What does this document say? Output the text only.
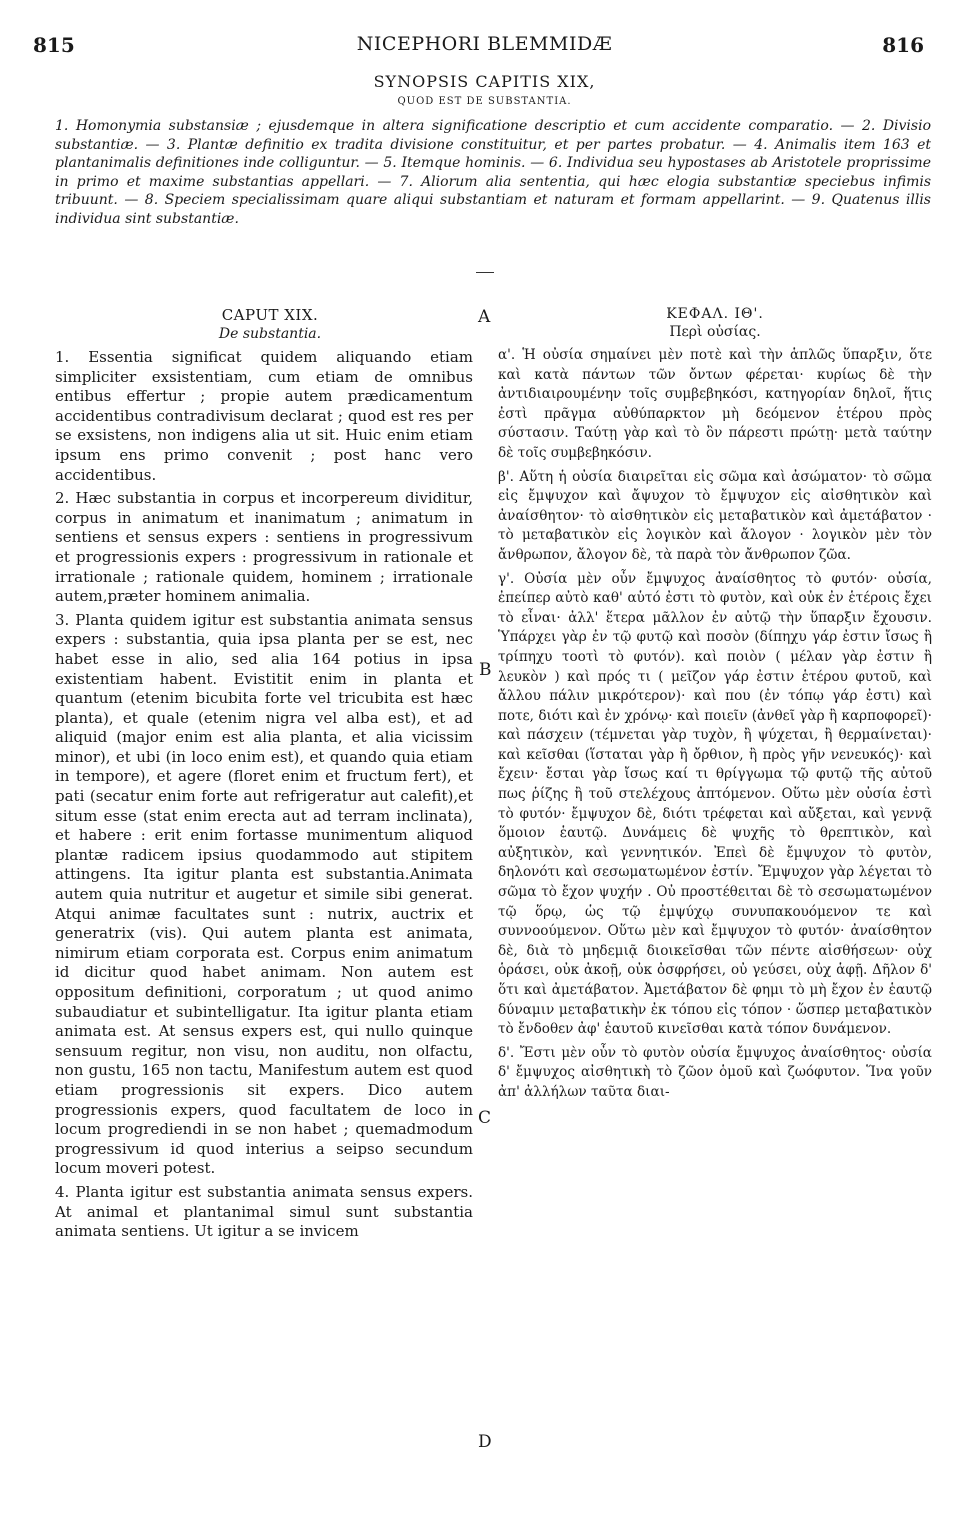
815	NICEPHORI BLEMMIDÆ	816
SYNOPSIS CAPITIS XIX,
QUOD EST DE SUBSTANTIA.
1. Homonymia substansiæ ; ejusdemque in altera significatione descriptio et cum accidente comparatio. — 2. Divisio substantiæ. — 3. Plantæ definitio ex tradita divisione constituitur, et per partes probatur. — 4. Animalis item 163 et plantanimalis definitiones inde colliguntur. — 5. Itemque hominis. — 6. Individua seu hypostases ab Aristotele proprissime in primo et maxime substantias appellari. — 7. Aliorum alia sententia, qui hæc elogia substantiæ speciebus infimis tribuunt. — 8. Speciem specialissimam quare aliqui substantiam et naturam et formam appellarint. — 9. Quatenus illis individua sint substantiæ.
A
B
C
D
CAPUT XIX.
De substantia.

1. Essentia significat quidem aliquando etiam simpliciter exsistentiam, cum etiam de omnibus entibus effertur ; propie autem prædicamentum accidentibus contradivisum declarat ; quod est res per se exsistens, non indigens alia ut sit. Huic enim etiam ipsum ens primo convenit ; post hanc vero accidentibus.

2. Hæc substantia in corpus et incorpereum dividitur, corpus in animatum et inanimatum ; animatum in sentiens et sensus expers : sentiens in progressivum et progressionis expers : progressivum in rationale et irrationale ; rationale quidem, hominem ; irrationale autem,præter hominem animalia.

3. Planta quidem igitur est substantia animata sensus expers : substantia, quia ipsa planta per se est, nec habet esse in alio, sed alia 164 potius in ipsa existentiam habent. Evistitit enim in planta et quantum (etenim bicubita forte vel tricubita est hæc planta), et quale (etenim nigra vel alba est), et ad aliquid (major enim est alia planta, et alia vicissim minor), et ubi (in loco enim est), et quando quia etiam in tempore), et agere (floret enim et fructum fert), et pati (secatur enim forte aut refrigeratur aut calefit),et situm esse (stat enim erecta aut ad terram inclinata), et habere : erit enim fortasse munimentum aliquod plantæ radicem ipsius quodammodo aut stipitem attingens. Ita igitur planta est substantia.Animata autem quia nutritur et augetur et simile sibi generat. Atqui animæ facultates sunt : nutrix, auctrix et generatrix (vis). Qui autem planta est animata, nimirum etiam corporata est. Corpus enim animatum id dicitur quod habet animam. Non autem est oppositum definitioni, corporatum ; ut quod animo subaudiatur et subintelligatur. Ita igitur planta etiam animata est. At sensus expers est, qui nullo quinque sensuum regitur, non visu, non auditu, non olfactu, non gustu, 165 non tactu, Manifestum autem est quod etiam progressionis sit expers. Dico autem progressionis expers, quod facultatem de loco in locum progrediendi in se non habet ; quemadmodum progressivum id quod interius a seipso secundum locum moveri potest.

4. Planta igitur est substantia animata sensus expers. At animal et plantanimal simul sunt substantia animata sentiens. Ut igitur a se invicem

ΚΕΦΑΛ. ΙΘ'.
Περὶ οὐσίας.

α'. Ἡ οὐσία σημαίνει μὲν ποτὲ καὶ τὴν ἁπλῶς ὕπαρξιν, ὅτε καὶ κατὰ πάντων τῶν ὄντων φέρεται· κυρίως δὲ τὴν ἀντιδιαιρουμένην τοῖς συμβεβηκόσι, κατηγορίαν δηλοῖ, ἥτις ἐστὶ πρᾶγμα αὐθύπαρκτον μὴ δεόμενον ἑτέρου πρὸς σύστασιν. Ταύτῃ γὰρ καὶ τὸ ὂν πάρεστι πρώτῃ· μετὰ ταύτην δὲ τοῖς συμβεβηκόσιν.

β'. Αὕτη ἡ οὐσία διαιρεῖται εἰς σῶμα καὶ ἀσώματον· τὸ σῶμα εἰς ἔμψυχον καὶ ἄψυχον τὸ ἔμψυχον εἰς αἰσθητικὸν καὶ ἀναίσθητον· τὸ αἰσθητικὸν εἰς μεταβατικὸν καὶ ἀμετάβατον · τὸ μεταβατικὸν εἰς λογικὸν καὶ ἄλογον · λογικὸν μὲν τὸν ἄνθρωπον, ἄλογον δὲ, τὰ παρὰ τὸν ἄνθρωπον ζῶα.

γ'. Οὐσία μὲν οὖν ἔμψυχος ἀναίσθητος τὸ φυτόν· οὐσία, ἐπείπερ αὐτὸ καθ' αὑτό ἐστι τὸ φυτὸν, καὶ οὐκ ἐν ἑτέροις ἔχει τὸ εἶναι· ἀλλ' ἕτερα μᾶλλον ἐν αὐτῷ τὴν ὕπαρξιν ἔχουσιν. Ὑπάρχει γὰρ ἐν τῷ φυτῷ καὶ ποσὸν (δίπηχυ γάρ ἐστιν ἴσως ἢ τρίπηχυ τοοτὶ τὸ φυτόν). καὶ ποιὸν ( μέλαν γὰρ ἐστιν ἢ λευκὸν ) καὶ πρός τι ( μεῖζον γάρ ἐστιν ἑτέρου φυτοῦ, καὶ ἄλλου πάλιν μικρότερον)· καὶ που (ἐν τόπῳ γάρ ἐστι) καὶ ποτε, διότι καὶ ἐν χρόνῳ· καὶ ποιεῖν (ἀνθεῖ γὰρ ἢ καρποφορεῖ)· καὶ πάσχειν (τέμνεται γὰρ τυχὸν, ἢ ψύχεται, ἢ θερμαίνεται)· καὶ κεῖσθαι (ἵσταται γὰρ ἢ ὄρθιον, ἢ πρὸς γῆν νενευκός)· καὶ ἔχειν· ἔσται γὰρ ἴσως καί τι θρίγγωμα τῷ φυτῷ τῆς αὐτοῦ πως ῥίζης ἢ τοῦ στελέχους ἀπτόμενον. Οὕτω μὲν οὐσία ἐστὶ τὸ φυτόν· ἔμψυχον δὲ, διότι τρέφεται καὶ αὔξεται, καὶ γεννᾷ ὅμοιον ἑαυτῷ. Δυνάμεις δὲ ψυχῆς τὸ θρεπτικὸν, καὶ αὐξητικὸν, καὶ γεννητικόν. Ἐπεὶ δὲ ἔμψυχον τὸ φυτὸν, δηλονότι καὶ σεσωματωμένον ἐστίν. Ἔμψυχον γὰρ λέγεται τὸ σῶμα τὸ ἔχον ψυχήν . Οὐ προστέθειται δὲ τὸ σεσωματωμένον τῷ ὅρῳ, ὡς τῷ ἐμψύχῳ συνυπακουόμενον τε καὶ συννοούμενον. Οὕτω μὲν καὶ ἔμψυχον τὸ φυτόν· ἀναίσθητον δὲ, διὰ τὸ μηδεμιᾷ διοικεῖσθαι τῶν πέντε αἰσθήσεων· οὐχ ὁράσει, οὐκ ἀκοῇ, οὐκ ὀσφρήσει, οὐ γεύσει, οὐχ ἁφῇ. Δῆλον δ' ὅτι καὶ ἀμετάβατον. Ἀμετάβατον δὲ φημι τὸ μὴ ἔχον ἐν ἑαυτῷ δύναμιν μεταβατικὴν ἐκ τόπου εἰς τόπον · ὥσπερ μεταβατικὸν τὸ ἔνδοθεν ἀφ' ἑαυτοῦ κινεῖσθαι κατὰ τόπον δυνάμενον.

δ'. Ἔστι μὲν οὖν τὸ φυτὸν οὐσία ἔμψυχος ἀναίσθητος· οὐσία δ' ἔμψυχος αἰσθητικὴ τὸ ζῶον ὁμοῦ καὶ ζωόφυτον. Ἵνα γοῦν ἀπ' ἀλλήλων ταῦτα διαι-
